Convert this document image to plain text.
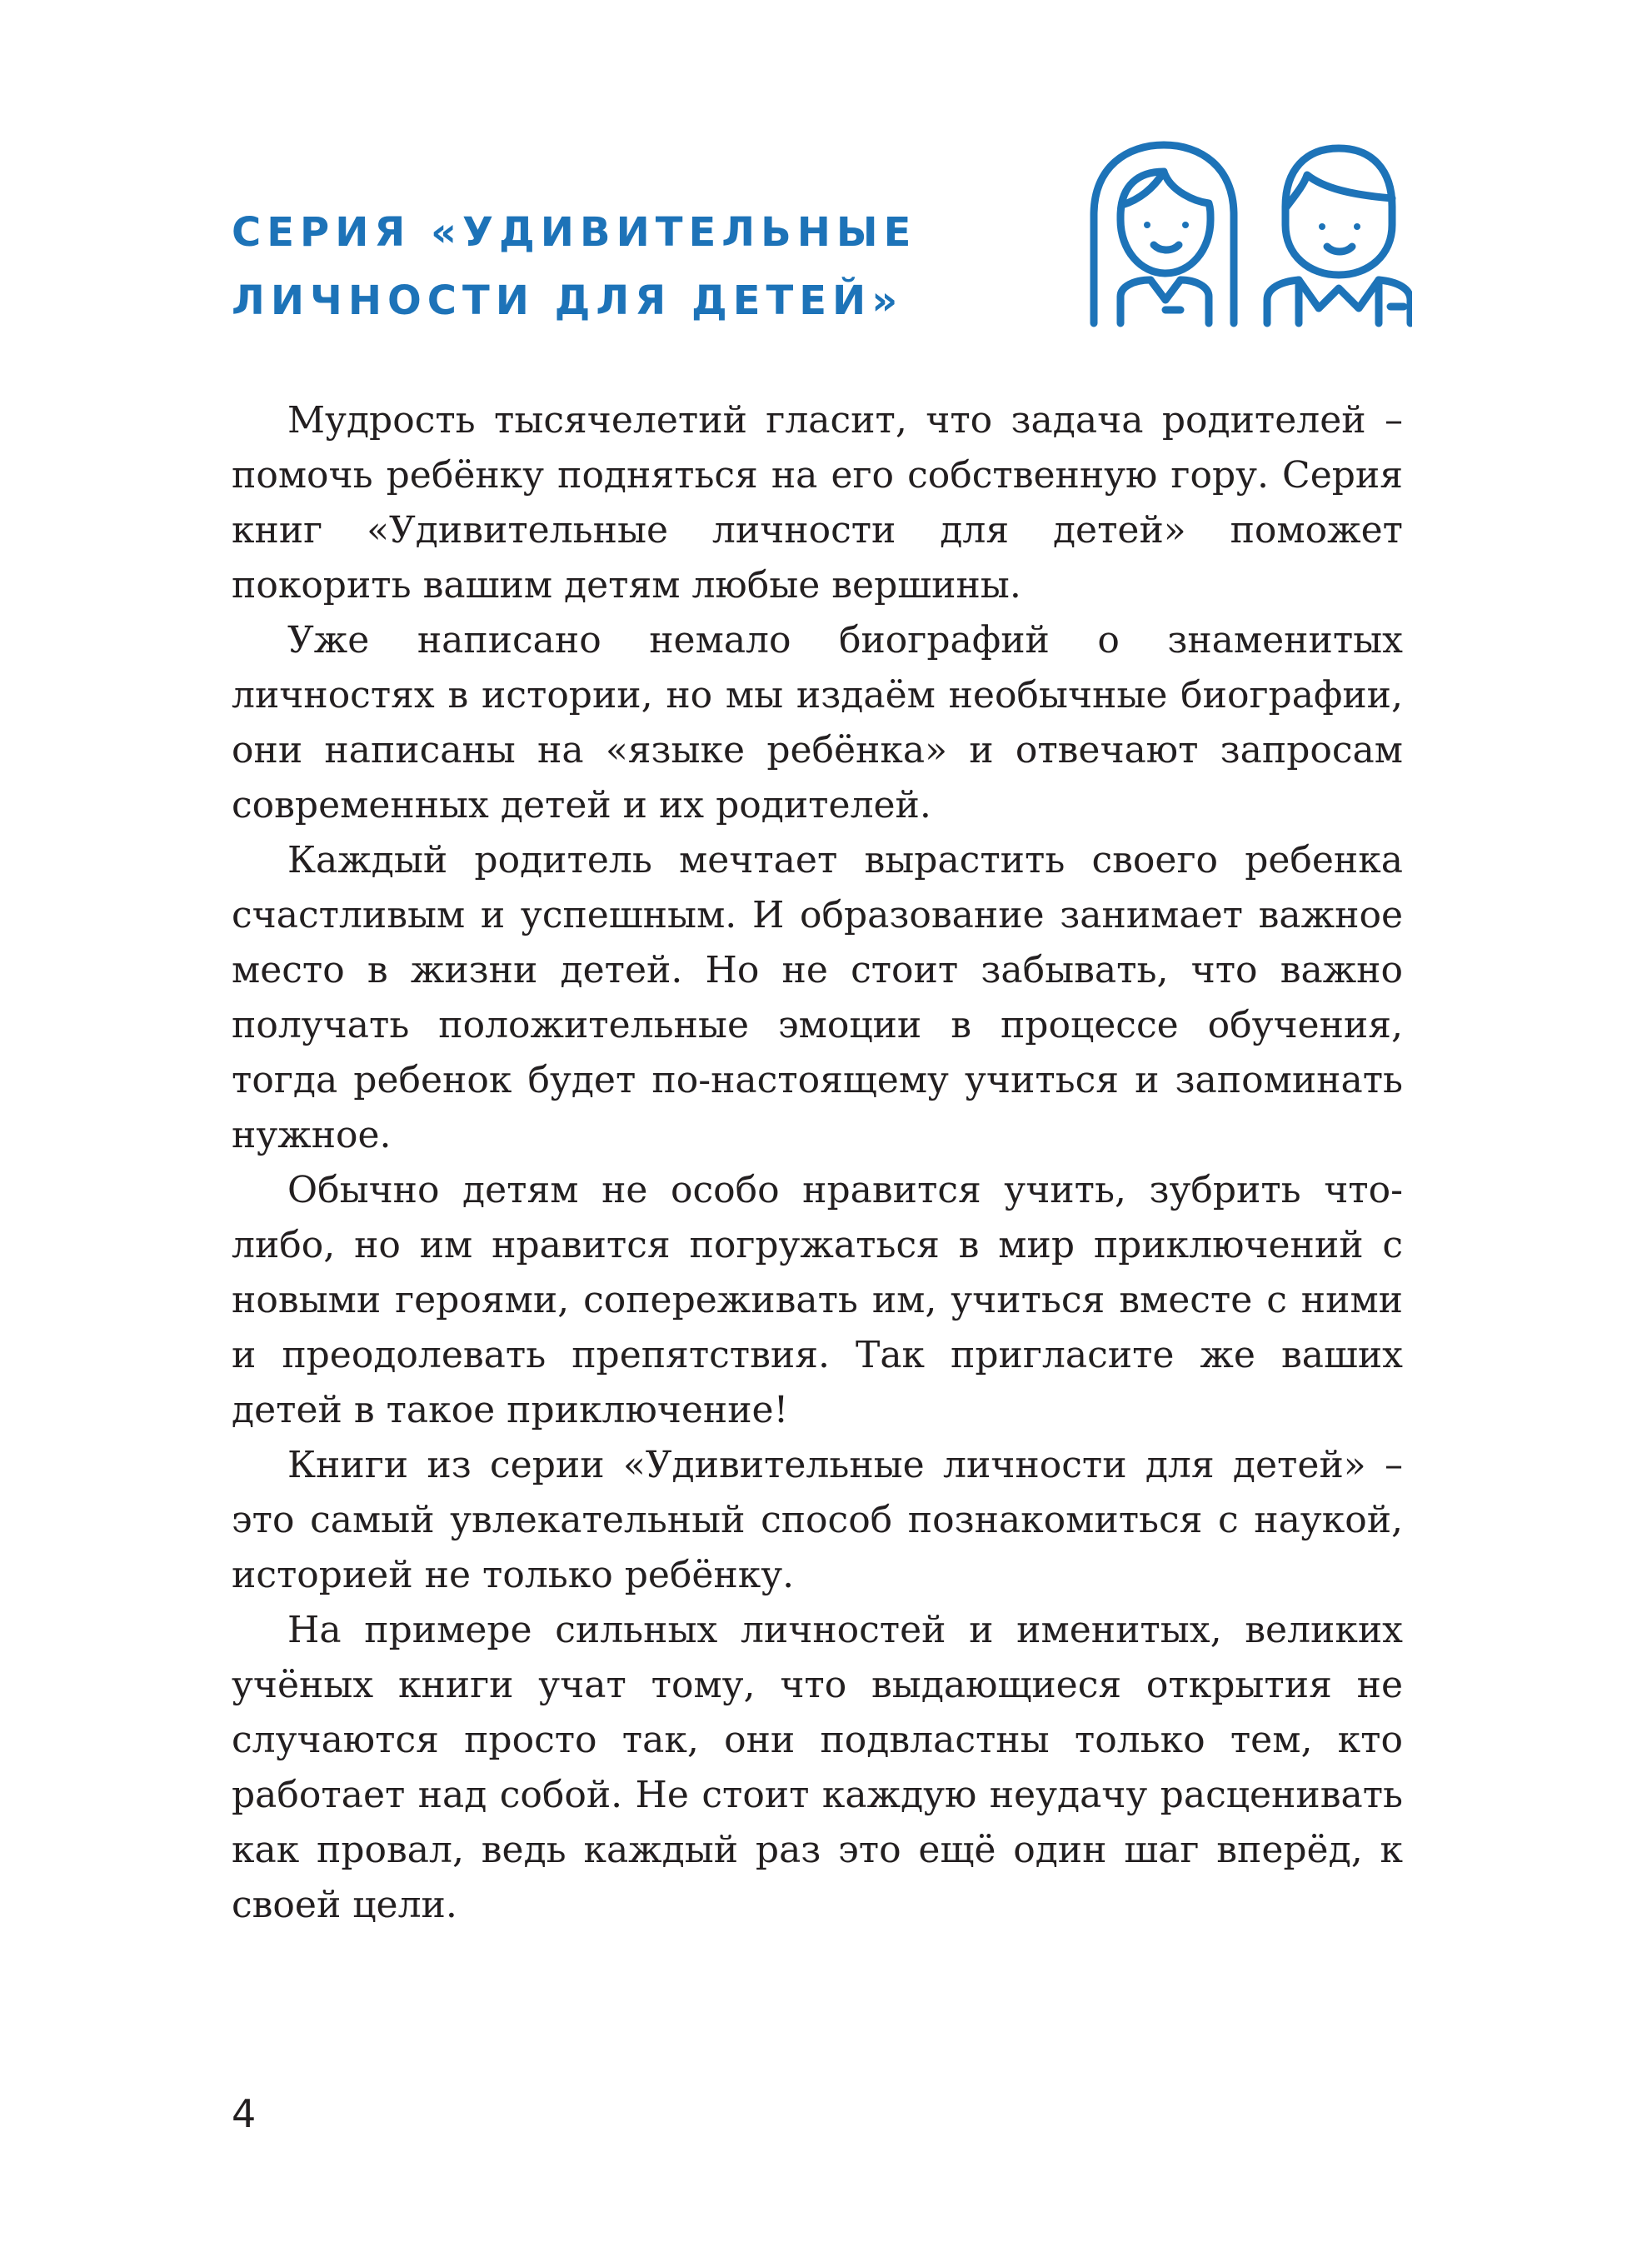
СЕРИЯ «УДИВИТЕЛЬНЫЕ
ЛИЧНОСТИ ДЛЯ ДЕТЕЙ»

Мудрость тысячелетий гласит, что задача родителей – помочь ребёнку подняться на его собственную гору. Серия книг «Удивительные личности для детей» поможет покорить вашим детям любые вершины.

Уже написано немало биографий о знаменитых личностях в истории, но мы издаём необычные биографии, они написаны на «языке ребёнка» и отвечают запросам современных детей и их родителей.

Каждый родитель мечтает вырастить своего ребенка счастливым и успешным. И образование занимает важное место в жизни детей. Но не стоит забывать, что важно получать положительные эмоции в процессе обучения, тогда ребенок будет по-настоящему учиться и запоминать нужное.

Обычно детям не особо нравится учить, зубрить что-либо, но им нравится погружаться в мир приключений с новыми героями, сопереживать им, учиться вместе с ними и преодолевать препятствия. Так пригласите же ваших детей в такое приключение!

Книги из серии «Удивительные личности для детей» – это самый увлекательный способ познакомиться с наукой, историей не только ребёнку.

На примере сильных личностей и именитых, великих учёных книги учат тому, что выдающиеся открытия не случаются просто так, они подвластны только тем, кто работает над собой. Не стоит каждую неудачу расценивать как провал, ведь каждый раз это ещё один шаг вперёд, к своей цели.

4
